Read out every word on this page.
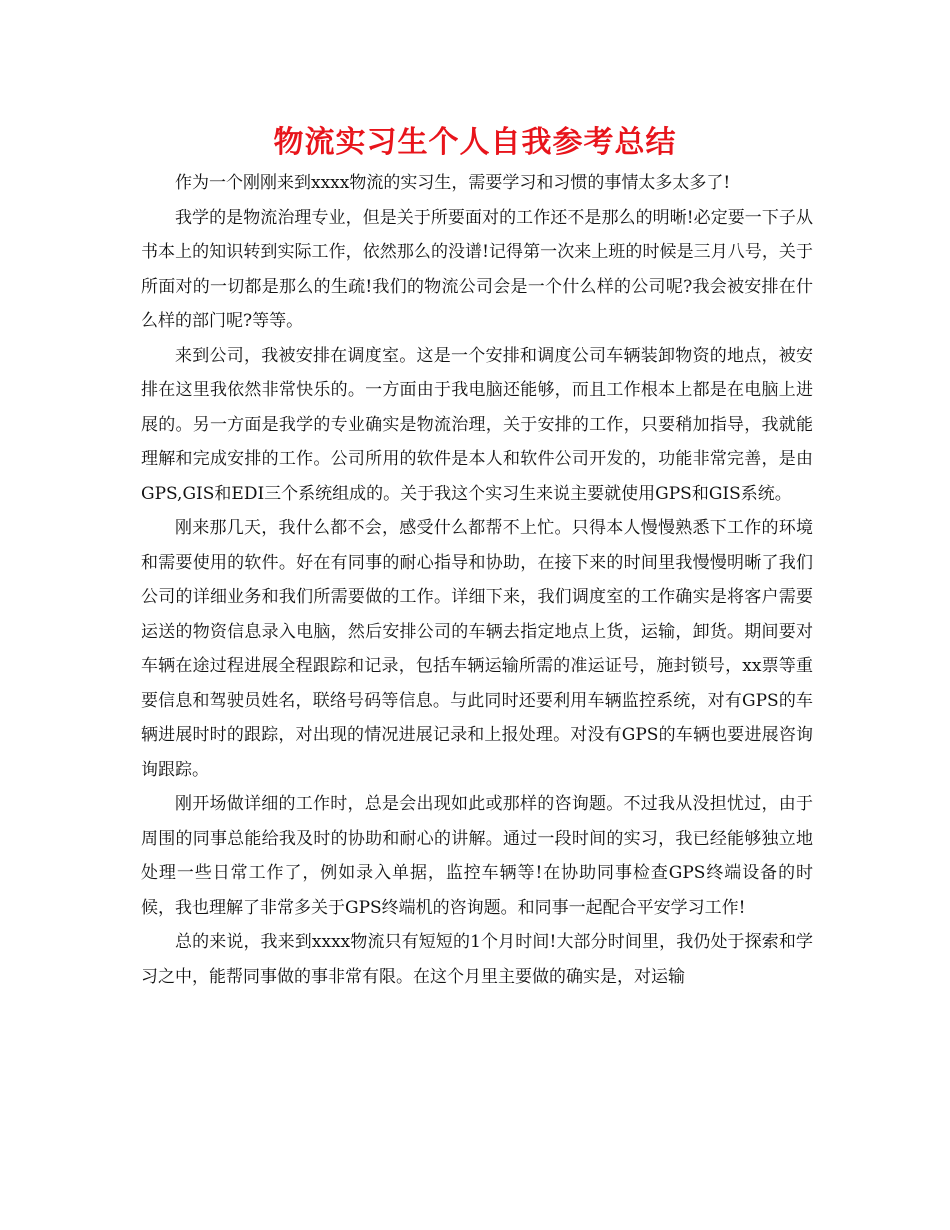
物流实习生个人自我参考总结

作为一个刚刚来到xxxx物流的实习生，需要学习和习惯的事情太多太多了!

我学的是物流治理专业，但是关于所要面对的工作还不是那么的明晰!必定要一下子从书本上的知识转到实际工作，依然那么的没谱!记得第一次来上班的时候是三月八号，关于所面对的一切都是那么的生疏!我们的物流公司会是一个什么样的公司呢?我会被安排在什么样的部门呢?等等。

来到公司，我被安排在调度室。这是一个安排和调度公司车辆装卸物资的地点，被安排在这里我依然非常快乐的。一方面由于我电脑还能够，而且工作根本上都是在电脑上进展的。另一方面是我学的专业确实是物流治理，关于安排的工作，只要稍加指导，我就能理解和完成安排的工作。公司所用的软件是本人和软件公司开发的，功能非常完善，是由GPS,GIS和EDI三个系统组成的。关于我这个实习生来说主要就使用GPS和GIS系统。

刚来那几天，我什么都不会，感受什么都帮不上忙。只得本人慢慢熟悉下工作的环境和需要使用的软件。好在有同事的耐心指导和协助，在接下来的时间里我慢慢明晰了我们公司的详细业务和我们所需要做的工作。详细下来，我们调度室的工作确实是将客户需要运送的物资信息录入电脑，然后安排公司的车辆去指定地点上货，运输，卸货。期间要对车辆在途过程进展全程跟踪和记录，包括车辆运输所需的准运证号，施封锁号，xx票等重要信息和驾驶员姓名，联络号码等信息。与此同时还要利用车辆监控系统，对有GPS的车辆进展时时的跟踪，对出现的情况进展记录和上报处理。对没有GPS的车辆也要进展咨询询跟踪。

刚开场做详细的工作时，总是会出现如此或那样的咨询题。不过我从没担忧过，由于周围的同事总能给我及时的协助和耐心的讲解。通过一段时间的实习，我已经能够独立地处理一些日常工作了，例如录入单据，监控车辆等!在协助同事检查GPS终端设备的时候，我也理解了非常多关于GPS终端机的咨询题。和同事一起配合平安学习工作!

总的来说，我来到xxxx物流只有短短的1个月时间!大部分时间里，我仍处于探索和学习之中，能帮同事做的事非常有限。在这个月里主要做的确实是，对运输
